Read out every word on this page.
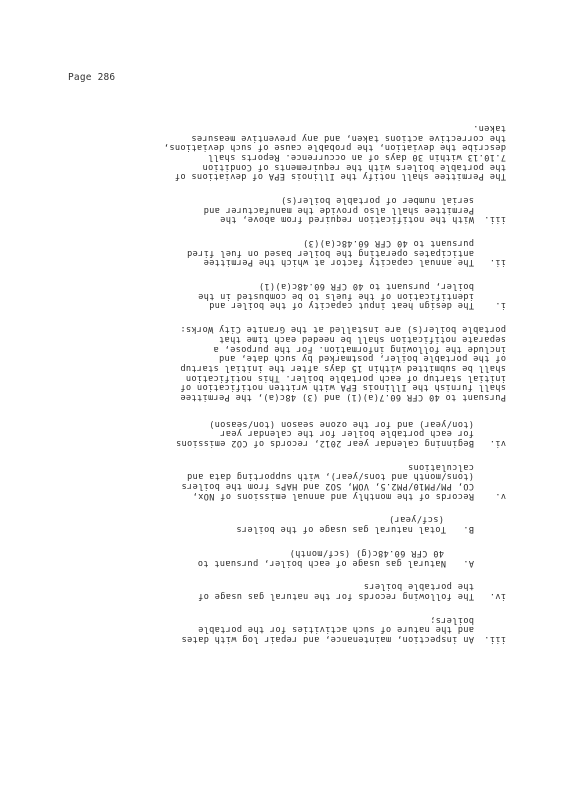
Page 286
iii.An inspection, maintenance, and repair log with dates
and the nature of such activities for the portable
boilers;
iv.The following records for the natural gas usage of
the portable boilers
A.Natural gas usage of each boiler, pursuant to
40 CFR 60.48c(g) (scf/month)
B.Total natural gas usage of the boilers
(scf/year)
v.Records of the monthly and annual emissions of NOx,
CO, PM/PM10/PM2.5, VOM, SO2 and HAPs from the boilers
(tons/month and tons/year), with supporting data and
calculations
vi.Beginning calendar year 2012, records of CO2 emissions
for each portable boiler for the calendar year
(ton/year) and for the ozone season (ton/season)
Pursuant to 40 CFR 60.7(a)(1) and (3) 48c(a), the Permittee
shall furnish the Illinois EPA with written notification of
initial startup of each portable boiler. This notification
shall be submitted within 15 days after the initial startup
of the portable boiler, postmarked by such date, and
include the following information. For the purpose, a
separate notification shall be needed each time that
portable boiler(s) are installed at the Granite City Works:
i.The design heat input capacity of the boiler and
identification of the fuels to be combusted in the
boiler, pursuant to 40 CFR 60.48c(a)(1)
ii.The annual capacity factor at which the Permittee
anticipates operating the boiler based on fuel fired
pursuant to 40 CFR 60.48c(a)(3)
iii.With the notification required from above, the
Permittee shall also provide the manufacturer and
serial number of portable boiler(s)
The Permittee shall notify the Illinois EPA of deviations of
the portable boilers with the requirements of Condition
7.10.13 within 30 days of an occurrence. Reports shall
describe the deviation, the probable cause of such deviations,
the corrective actions taken, and any preventive measures
taken.
